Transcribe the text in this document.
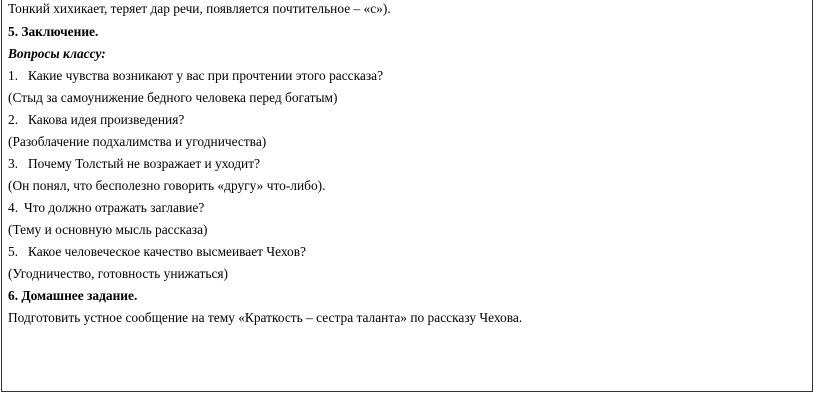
Тонкий хихикает, теряет дар речи, появляется почтительное – «с»).
5. Заключение.
Вопросы классу:
1. Какие чувства возникают у вас при прочтении этого рассказа?
(Стыд за самоунижение бедного человека перед богатым)
2. Какова идея произведения?
(Разоблачение подхалимства и угодничества)
3. Почему Толстый не возражает и уходит?
(Он понял, что бесполезно говорить «другу» что-либо).
4. Что должно отражать заглавие?
(Тему и основную мысль рассказа)
5. Какое человеческое качество высмеивает Чехов?
(Угодничество, готовность унижаться)
6. Домашнее задание.
Подготовить устное сообщение на тему «Краткость – сестра таланта» по рассказу Чехова.
